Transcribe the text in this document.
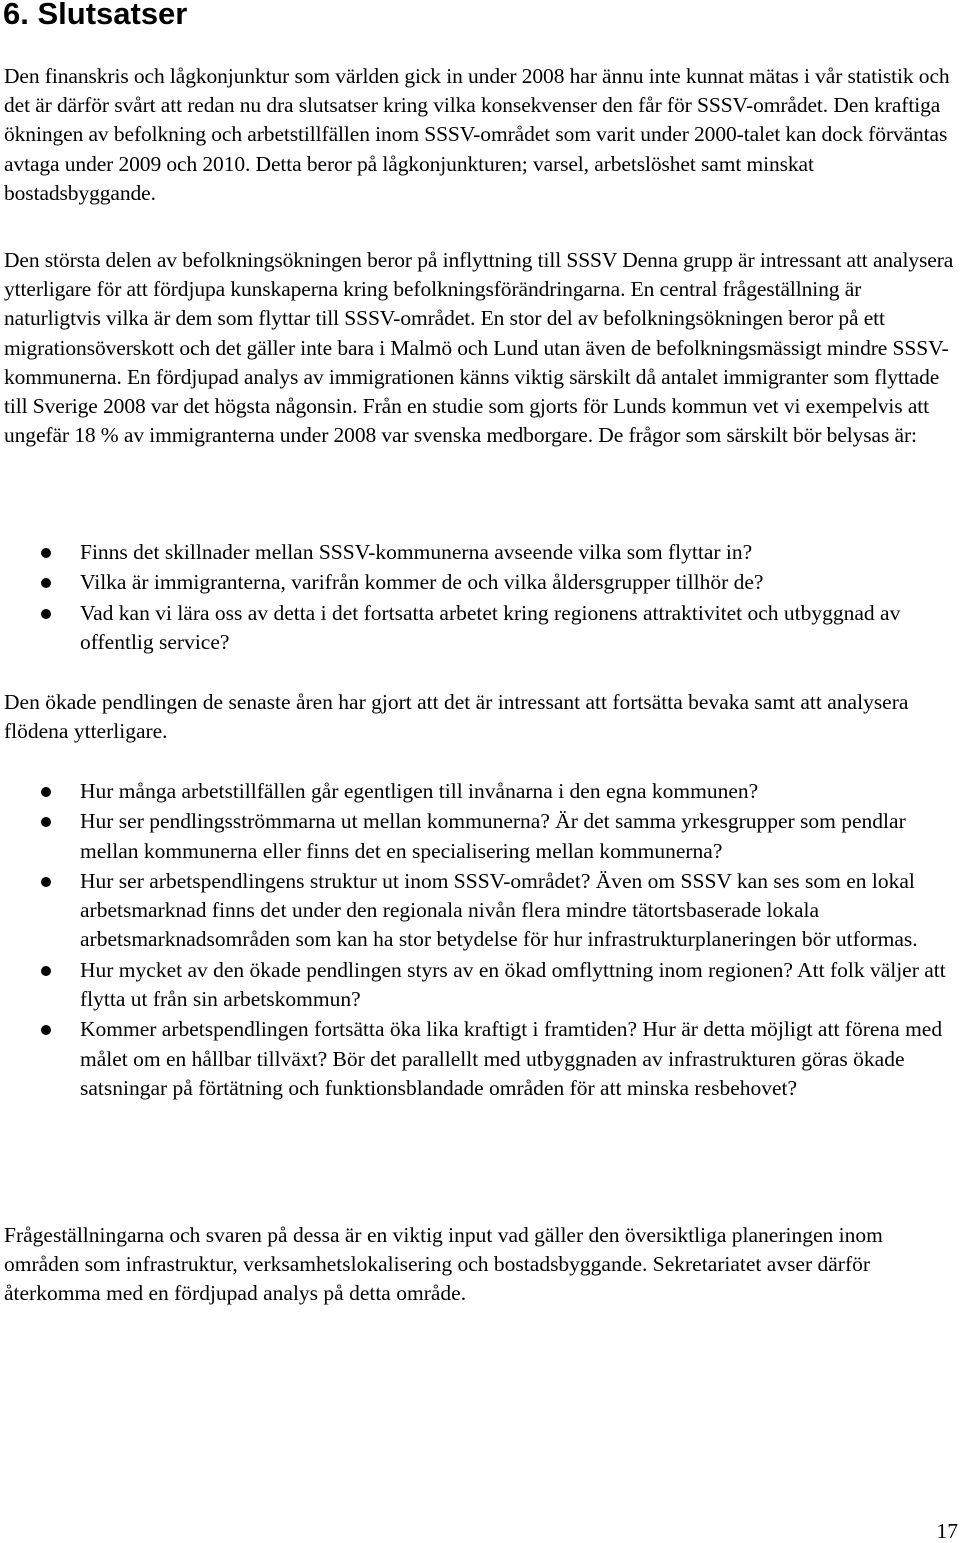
6. Slutsatser

Den finanskris och lågkonjunktur som världen gick in under 2008 har ännu inte kunnat mätas i vår statistik och det är därför svårt att redan nu dra slutsatser kring vilka konsekvenser den får för SSSV-området. Den kraftiga ökningen av befolkning och arbetstillfällen inom SSSV-området som varit under 2000-talet kan dock förväntas avtaga under 2009 och 2010. Detta beror på lågkonjunkturen; varsel, arbetslöshet samt minskat bostadsbyggande.

Den största delen av befolkningsökningen beror på inflyttning till SSSV Denna grupp är intressant att analysera ytterligare för att fördjupa kunskaperna kring befolkningsförändringarna. En central frågeställning är naturligtvis vilka är dem som flyttar till SSSV-området. En stor del av befolkningsökningen beror på ett migrationsöverskott och det gäller inte bara i Malmö och Lund utan även de befolkningsmässigt mindre SSSV-kommunerna. En fördjupad analys av immigrationen känns viktig särskilt då antalet immigranter som flyttade till Sverige 2008 var det högsta någonsin. Från en studie som gjorts för Lunds kommun vet vi exempelvis att ungefär 18 % av immigranterna under 2008 var svenska medborgare. De frågor som särskilt bör belysas är:

Finns det skillnader mellan SSSV-kommunerna avseende vilka som flyttar in?
Vilka är immigranterna, varifrån kommer de och vilka åldersgrupper tillhör de?
Vad kan vi lära oss av detta i det fortsatta arbetet kring regionens attraktivitet och utbyggnad av offentlig service?

Den ökade pendlingen de senaste åren har gjort att det är intressant att fortsätta bevaka samt att analysera flödena ytterligare.

Hur många arbetstillfällen går egentligen till invånarna i den egna kommunen?
Hur ser pendlingsströmmarna ut mellan kommunerna? Är det samma yrkesgrupper som pendlar mellan kommunerna eller finns det en specialisering mellan kommunerna?
Hur ser arbetspendlingens struktur ut inom SSSV-området? Även om SSSV kan ses som en lokal arbetsmarknad finns det under den regionala nivån flera mindre tätortsbaserade lokala arbetsmarknadsområden som kan ha stor betydelse för hur infrastrukturplaneringen bör utformas.
Hur mycket av den ökade pendlingen styrs av en ökad omflyttning inom regionen? Att folk väljer att flytta ut från sin arbetskommun?
Kommer arbetspendlingen fortsätta öka lika kraftigt i framtiden? Hur är detta möjligt att förena med målet om en hållbar tillväxt? Bör det parallellt med utbyggnaden av infrastrukturen göras ökade satsningar på förtätning och funktionsblandade områden för att minska resbehovet?

Frågeställningarna och svaren på dessa är en viktig input vad gäller den översiktliga planeringen inom områden som infrastruktur, verksamhetslokalisering och bostadsbyggande. Sekretariatet avser därför återkomma med en fördjupad analys på detta område.

17
